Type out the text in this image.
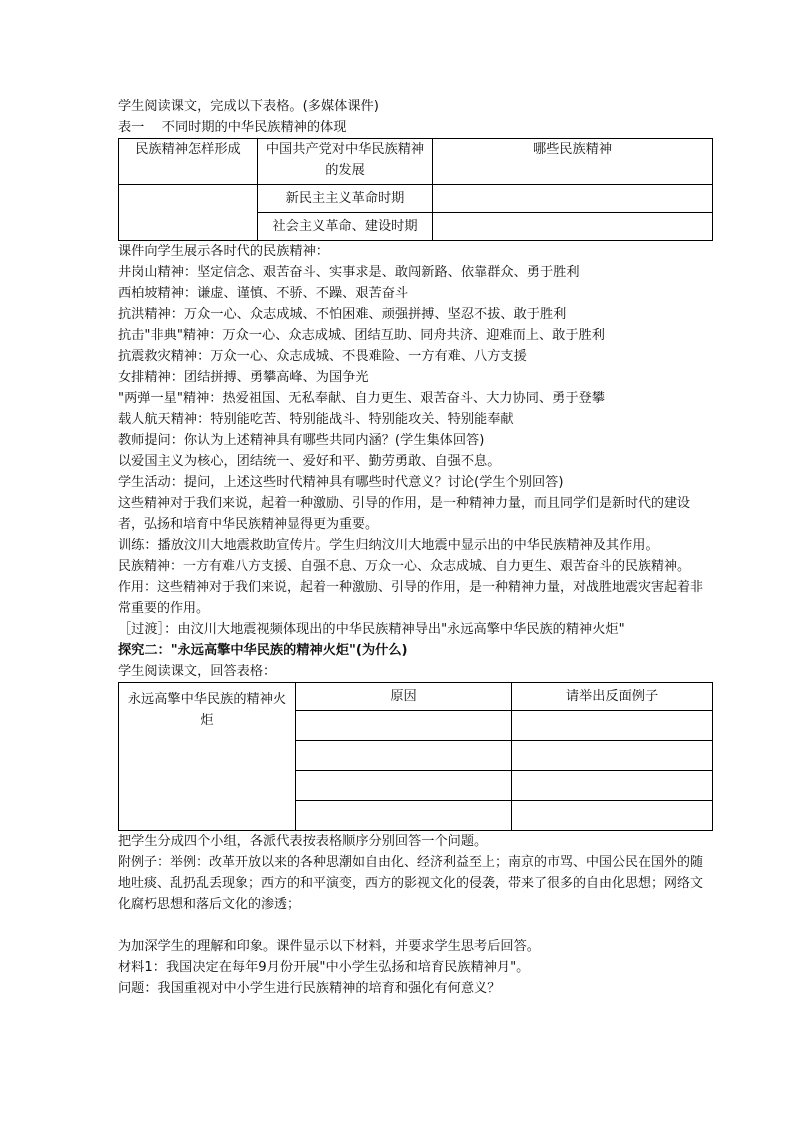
学生阅读课文，完成以下表格。(多媒体课件)
表一　 不同时期的中华民族精神的体现
民族精神怎样形成	中国共产党对中华民族精神的发展	哪些民族精神
	新民主主义革命时期	
	社会主义革命、建设时期	
课件向学生展示各时代的民族精神：
井岗山精神：坚定信念、艰苦奋斗、实事求是、敢闯新路、依靠群众、勇于胜利
西柏坡精神：谦虚、谨慎、不骄、不躁、艰苦奋斗
抗洪精神：万众一心、众志成城、不怕困难、顽强拼搏、坚忍不拔、敢于胜利
抗击"非典"精神：万众一心、众志成城、团结互助、同舟共济、迎难而上、敢于胜利
抗震救灾精神：万众一心、众志成城、不畏难险、一方有难、八方支援
女排精神：团结拼搏、勇攀高峰、为国争光
"两弹一星"精神：热爱祖国、无私奉献、自力更生、艰苦奋斗、大力协同、勇于登攀
载人航天精神：特别能吃苦、特别能战斗、特别能攻关、特别能奉献
教师提问：你认为上述精神具有哪些共同内涵？(学生集体回答)
以爱国主义为核心，团结统一、爱好和平、勤劳勇敢、自强不息。
学生活动：提问，上述这些时代精神具有哪些时代意义？讨论(学生个别回答)
这些精神对于我们来说，起着一种激励、引导的作用，是一种精神力量，而且同学们是新时代的建设者，弘扬和培育中华民族精神显得更为重要。
训练：播放汶川大地震救助宣传片。学生归纳汶川大地震中显示出的中华民族精神及其作用。
民族精神：一方有难八方支援、自强不息、万众一心、众志成城、自力更生、艰苦奋斗的民族精神。
作用：这些精神对于我们来说，起着一种激励、引导的作用，是一种精神力量，对战胜地震灾害起着非常重要的作用。
［过渡］：由汶川大地震视频体现出的中华民族精神导出"永远高擎中华民族的精神火炬"
探究二："永远高擎中华民族的精神火炬"(为什么)
学生阅读课文，回答表格：
永远高擎中华民族的精神火炬	原因	请举出反面例子

把学生分成四个小组，各派代表按表格顺序分别回答一个问题。
附例子：举例：改革开放以来的各种思潮如自由化、经济利益至上；南京的市骂、中国公民在国外的随地吐痰、乱扔乱丢现象；西方的和平演变，西方的影视文化的侵袭，带来了很多的自由化思想；网络文化腐朽思想和落后文化的渗透；
为加深学生的理解和印象。课件显示以下材料，并要求学生思考后回答。
材料1：我国决定在每年9月份开展"中小学生弘扬和培育民族精神月"。
问题：我国重视对中小学生进行民族精神的培育和强化有何意义？
